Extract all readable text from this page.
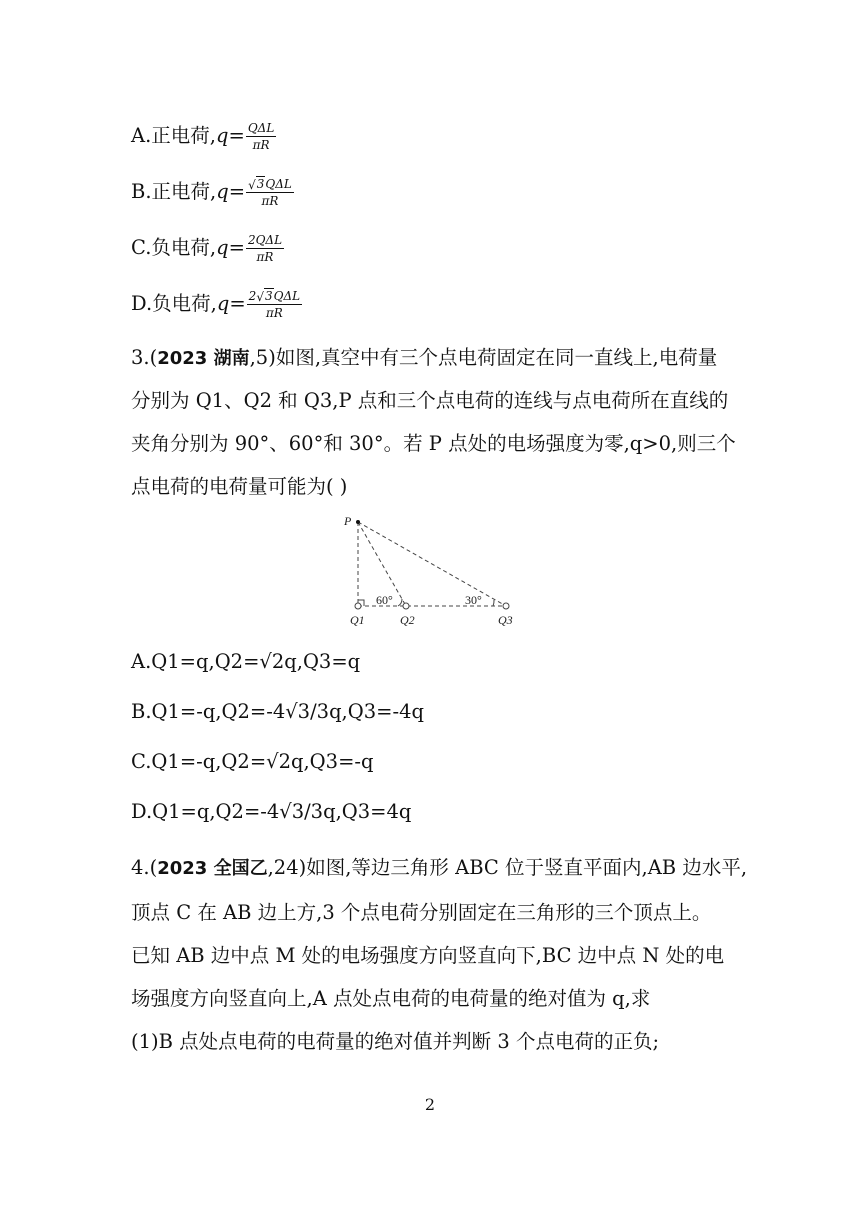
A.正电荷$,q= \frac{\text{QΔL}}{\pi R}$
B.正电荷$,q= \frac{\text{√3QΔL}}{\pi R}$
C.负电荷$,q= \frac{\text{2QΔL}}{\pi R}$
D.负电荷$,q= \frac{\text{2√3QΔL}}{\pi R}$
3.(2023 湖南,5)如图,真空中有三个点电荷固定在同一直线上,电荷量
分别为 Q1、Q2 和 Q3,P 点和三个点电荷的连线与点电荷所在直线的
夹角分别为 90°、60°和 30°。若 P 点处的电场强度为零,q>0,则三个
点电荷的电荷量可能为( )
P
60°	30°
Q1	Q2	Q3
A.Q1=q,Q2=√2q,Q3=q
B.Q1=-q,Q2=-4√3/3q,Q3=-4q
C.Q1=-q,Q2=√2q,Q3=-q
D.Q1=q,Q2=-4√3/3q,Q3=4q
4.(2023 全国乙,24)如图,等边三角形 ABC 位于竖直平面内,AB 边水平,
顶点 C 在 AB 边上方,3 个点电荷分别固定在三角形的三个顶点上。
已知 AB 边中点 M 处的电场强度方向竖直向下,BC 边中点 N 处的电
场强度方向竖直向上,A 点处点电荷的电荷量的绝对值为 q,求
(1)B 点处点电荷的电荷量的绝对值并判断 3 个点电荷的正负;
2
